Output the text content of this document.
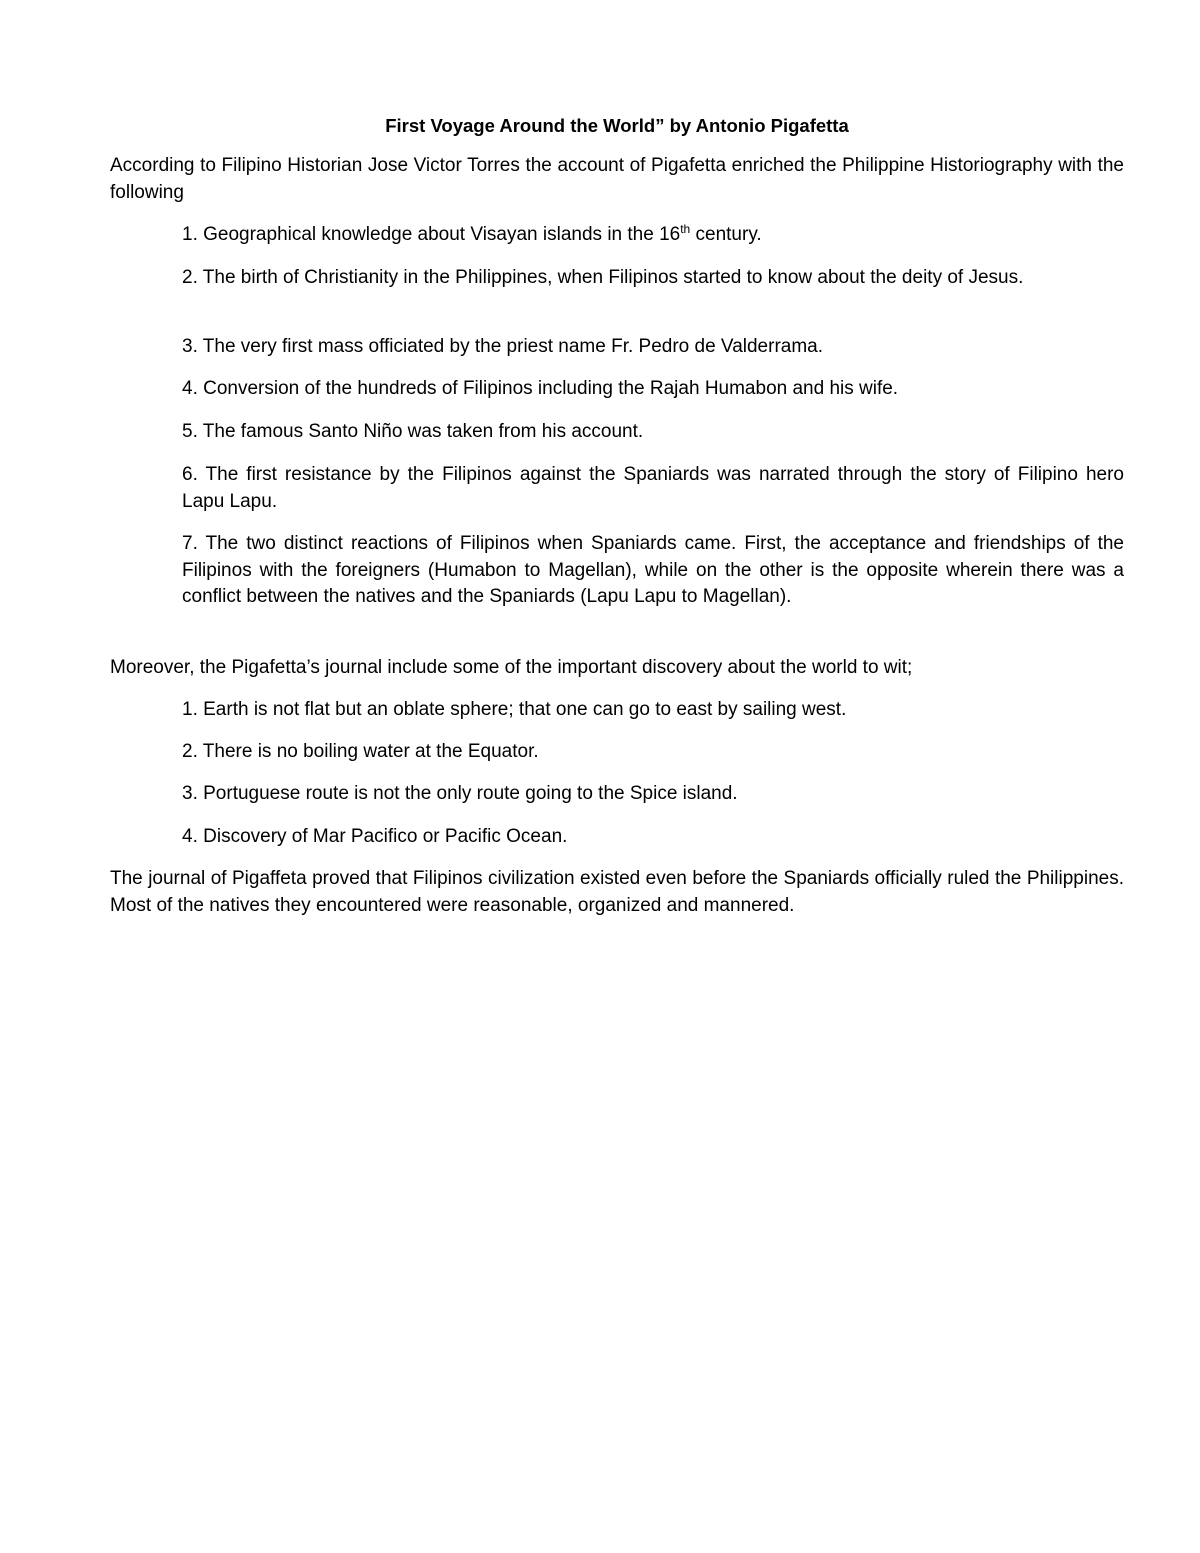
First Voyage Around the World” by Antonio Pigafetta

According to Filipino Historian Jose Victor Torres the account of Pigafetta enriched the Philippine Historiography with the following

1. Geographical knowledge about Visayan islands in the 16th century.

2. The birth of Christianity in the Philippines, when Filipinos started to know about the deity of Jesus.

3. The very first mass officiated by the priest name Fr. Pedro de Valderrama.

4. Conversion of the hundreds of Filipinos including the Rajah Humabon and his wife.

5. The famous Santo Niño was taken from his account.

6. The first resistance by the Filipinos against the Spaniards was narrated through the story of Filipino hero Lapu Lapu.

7. The two distinct reactions of Filipinos when Spaniards came. First, the acceptance and friendships of the Filipinos with the foreigners (Humabon to Magellan), while on the other is the opposite wherein there was a conflict between the natives and the Spaniards (Lapu Lapu to Magellan).

Moreover, the Pigafetta’s journal include some of the important discovery about the world to wit;

1. Earth is not flat but an oblate sphere; that one can go to east by sailing west.

2. There is no boiling water at the Equator.

3. Portuguese route is not the only route going to the Spice island.

4. Discovery of Mar Pacifico or Pacific Ocean.

The journal of Pigaffeta proved that Filipinos civilization existed even before the Spaniards officially ruled the Philippines. Most of the natives they encountered were reasonable, organized and mannered.
